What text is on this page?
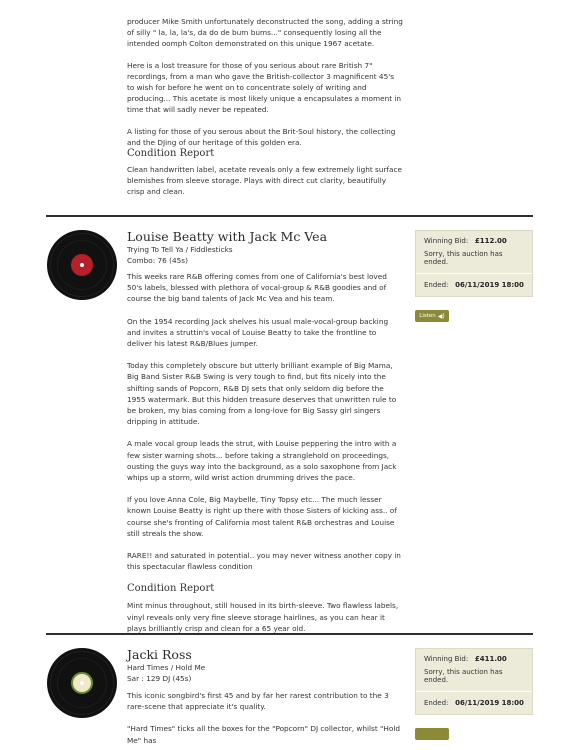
producer Mike Smith unfortunately deconstructed the song, adding a string of silly " la, la, la's, da do de bum bums..." consequently losing all the intended oomph Colton demonstrated on this unique 1967 acetate.

Here is a lost treasure for those of you serious about rare British 7" recordings, from a man who gave the British-collector 3 magnificent 45's to wish for before he went on to concentrate solely of writing and producing... This acetate is most likely unique a encapsulates a moment in time that will sadly never be repeated.

A listing for those of you serous about the Brit-Soul history, the collecting and the DJing of our heritage of this golden era.

Condition Report

Clean handwritten label, acetate reveals only a few extremely light surface blemishes from sleeve storage. Plays with direct cut clarity, beautifully crisp and clean.

Louise Beatty with Jack Mc Vea
Trying To Tell Ya / Fiddlesticks
Combo: 76 (45s)

This weeks rare R&B offering comes from one of California's best loved 50's labels, blessed with plethora of vocal-group & R&B goodies and of course the big band talents of Jack Mc Vea and his team.

On the 1954 recording Jack shelves his usual male-vocal-group backing and invites a struttin's vocal of Louise Beatty to take the frontline to deliver his latest R&B/Blues jumper.

Today this completely obscure but utterly brilliant example of Big Mama, Big Band Sister R&B Swing is very tough to find, but fits nicely into the shifting sands of Popcorn, R&B DJ sets that only seldom dig before the 1955 watermark. But this hidden treasure deserves that unwritten rule to be broken, my bias coming from a long-love for Big Sassy girl singers dripping in attitude.

A male vocal group leads the strut, with Louise peppering the intro with a few sister warning shots... before taking a stranglehold on proceedings, ousting the guys way into the background, as a solo saxophone from Jack whips up a storm, wild wrist action drumming drives the pace.

If you love Anna Cole, Big Maybelle, Tiny Topsy etc... The much lesser known Louise Beatty is right up there with those Sisters of kicking ass.. of course she's fronting of California most talent R&B orchestras and Louise still streals the show.

RARE!! and saturated in potential.. you may never witness another copy in this spectacular flawless condition

Condition Report

Mint minus throughout, still housed in its birth-sleeve. Two flawless labels, vinyl reveals only very fine sleeve storage hairlines, as you can hear it plays brilliantly crisp and clean for a 65 year old.

Winning Bid: £112.00
Sorry, this auction has ended.
Ended: 06/11/2019 18:00
Listen ◀)
Jacki Ross
Hard Times / Hold Me
Sar : 129 DJ (45s)

This iconic songbird's first 45 and by far her rarest contribution to the 3 rare-scene that appreciate it's quality.

"Hard Times" ticks all the boxes for the "Popcorn" DJ collector, whilst "Hold Me" has

Winning Bid: £411.00
Sorry, this auction has ended.
Ended: 06/11/2019 18:00
